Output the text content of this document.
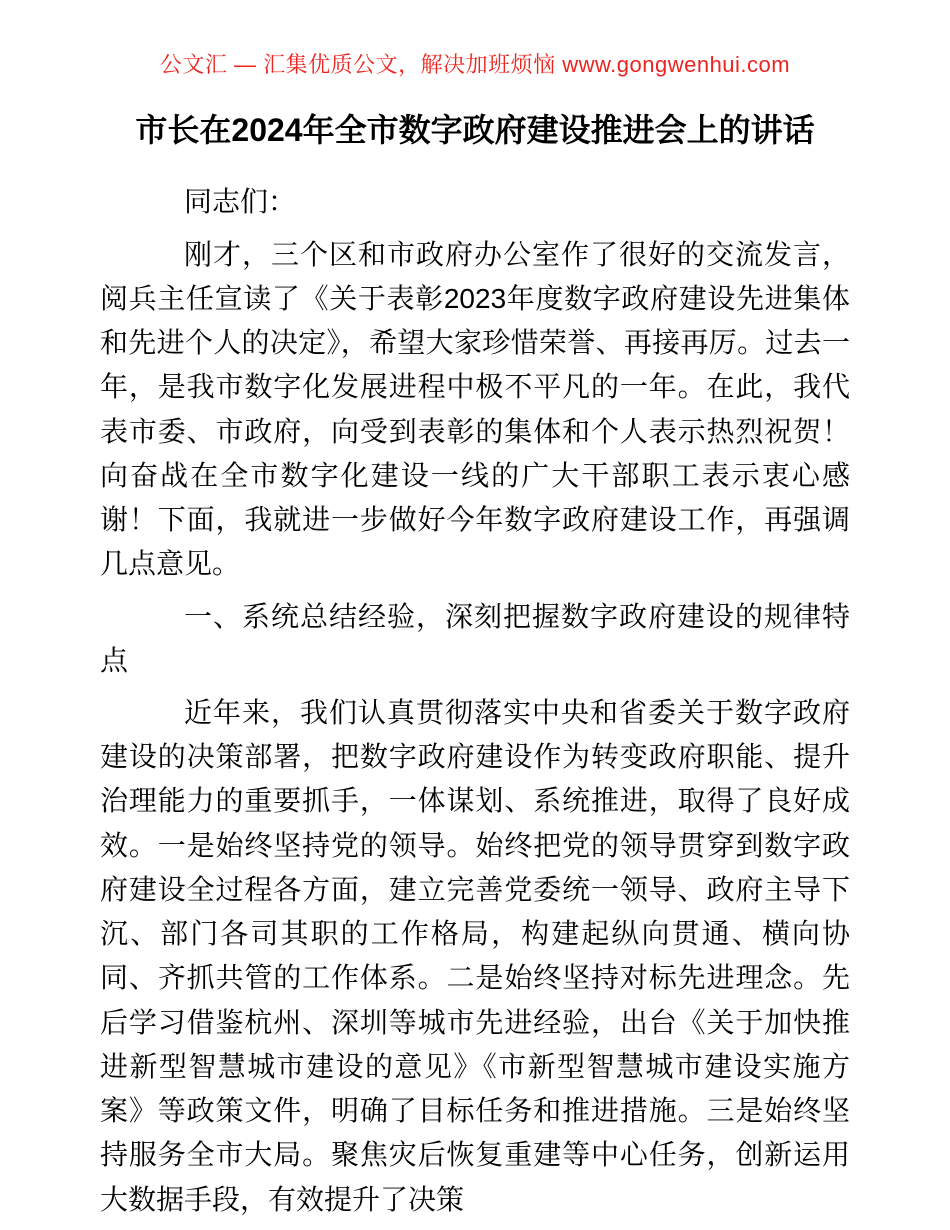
公文汇 — 汇集优质公文，解决加班烦恼 www.gongwenhui.com
市长在2024年全市数字政府建设推进会上的讲话

同志们：

刚才，三个区和市政府办公室作了很好的交流发言，阅兵主任宣读了《关于表彰2023年度数字政府建设先进集体和先进个人的决定》，希望大家珍惜荣誉、再接再厉。过去一年，是我市数字化发展进程中极不平凡的一年。在此，我代表市委、市政府，向受到表彰的集体和个人表示热烈祝贺！向奋战在全市数字化建设一线的广大干部职工表示衷心感谢！下面，我就进一步做好今年数字政府建设工作，再强调几点意见。

一、系统总结经验，深刻把握数字政府建设的规律特点

近年来，我们认真贯彻落实中央和省委关于数字政府建设的决策部署，把数字政府建设作为转变政府职能、提升治理能力的重要抓手，一体谋划、系统推进，取得了良好成效。一是始终坚持党的领导。始终把党的领导贯穿到数字政府建设全过程各方面，建立完善党委统一领导、政府主导下沉、部门各司其职的工作格局，构建起纵向贯通、横向协同、齐抓共管的工作体系。二是始终坚持对标先进理念。先后学习借鉴杭州、深圳等城市先进经验，出台《关于加快推进新型智慧城市建设的意见》《市新型智慧城市建设实施方案》等政策文件，明确了目标任务和推进措施。三是始终坚持服务全市大局。聚焦灾后恢复重建等中心任务，创新运用大数据手段，有效提升了决策
